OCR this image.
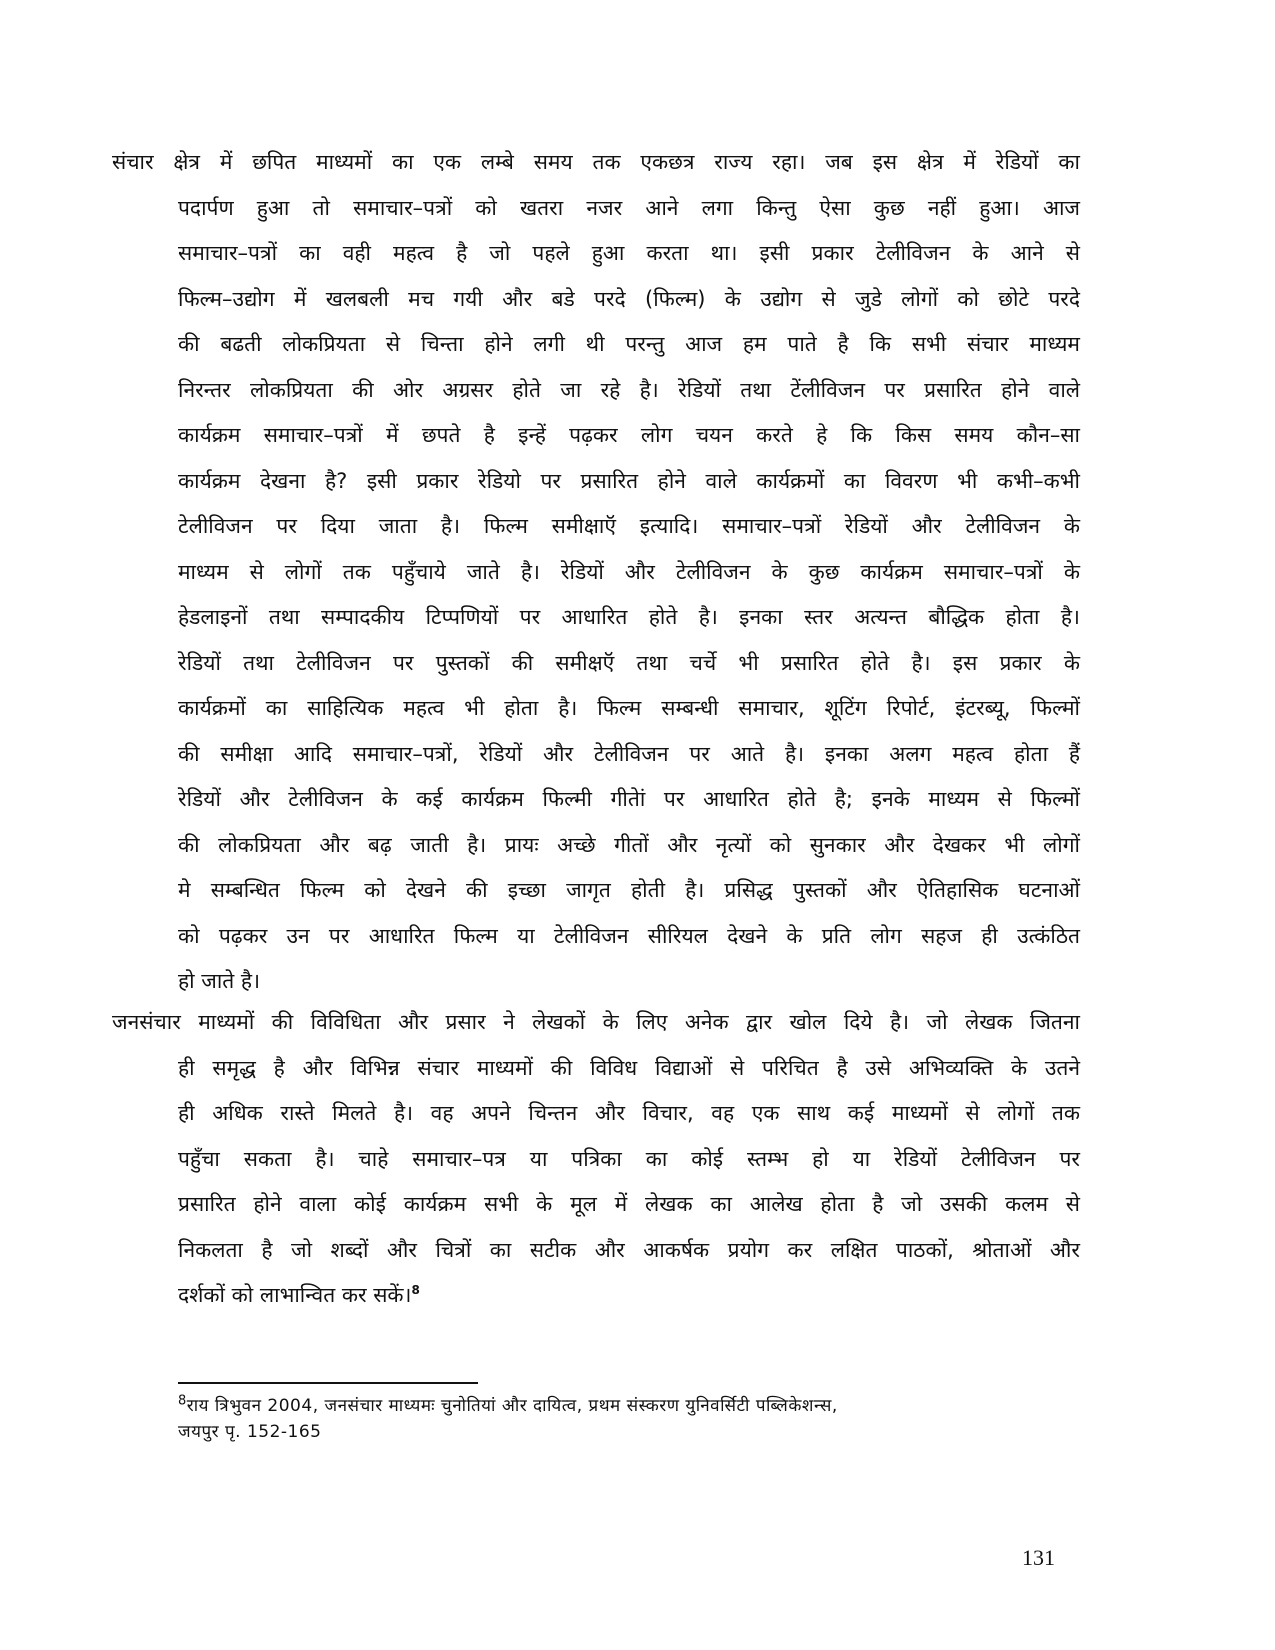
संचार क्षेत्र में छपित माध्यमों का एक लम्बे समय तक एकछत्र राज्य रहा। जब इस क्षेत्र में रेडियों का
पदार्पण हुआ तो समाचार–पत्रों को खतरा नजर आने लगा किन्तु ऐसा कुछ नहीं हुआ। आज
समाचार–पत्रों का वही महत्व है जो पहले हुआ करता था। इसी प्रकार टेलीविजन के आने से
फिल्म–उद्योग में खलबली मच गयी और बडे परदे (फिल्म) के उद्योग से जुडे लोगों को छोटे परदे
की बढती लोकप्रियता से चिन्ता होने लगी थी परन्तु आज हम पाते है कि सभी संचार माध्यम
निरन्तर लोकप्रियता की ओर अग्रसर होते जा रहे है। रेडियों तथा टेंलीविजन पर प्रसारित होने वाले
कार्यक्रम समाचार–पत्रों में छपते है इन्हें पढ़कर लोग चयन करते हे कि किस समय कौन–सा
कार्यक्रम देखना है? इसी प्रकार रेडियो पर प्रसारित होने वाले कार्यक्रमों का विवरण भी कभी–कभी
टेलीविजन पर दिया जाता है। फिल्म समीक्षाऍ इत्यादि। समाचार–पत्रों रेडियों और टेलीविजन के
माध्यम से लोगों तक पहुँचाये जाते है। रेडियों और टेलीविजन के कुछ कार्यक्रम समाचार–पत्रों के
हेडलाइनों तथा सम्पादकीय टिप्पणियों पर आधारित होते है। इनका स्तर अत्यन्त बौद्धिक होता है।
रेडियों तथा टेलीविजन पर पुस्तकों की समीक्षऍ तथा चर्चे भी प्रसारित होते है। इस प्रकार के
कार्यक्रमों का साहित्यिक महत्व भी होता है। फिल्म सम्बन्धी समाचार, शूटिंग रिपोर्ट, इंटरब्यू, फिल्मों
की समीक्षा आदि समाचार–पत्रों, रेडियों और टेलीविजन पर आते है। इनका अलग महत्व होता हैं
रेडियों और टेलीविजन के कई कार्यक्रम फिल्मी गीतेां पर आधारित होते है; इनके माध्यम से फिल्मों
की लोकप्रियता और बढ़ जाती है। प्रायः अच्छे गीतों और नृत्यों को सुनकार और देखकर भी लोगों
मे सम्बन्धित फिल्म को देखने की इच्छा जागृत होती है। प्रसिद्ध पुस्तकों और ऐतिहासिक घटनाओं
को पढ़कर उन पर आधारित फिल्म या टेलीविजन सीरियल देखने के प्रति लोग सहज ही उत्कंठित
हो जाते है।
जनसंचार माध्यमों की विविधिता और प्रसार ने लेखकों के लिए अनेक द्वार खोल दिये है। जो लेखक जितना
ही समृद्ध है और विभिन्न संचार माध्यमों की विविध विद्याओं से परिचित है उसे अभिव्यक्ति के उतने
ही अधिक रास्ते मिलते है। वह अपने चिन्तन और विचार, वह एक साथ कई माध्यमों से लोगों तक
पहुँचा सकता है। चाहे समाचार–पत्र या पत्रिका का कोई स्तम्भ हो या रेडियों टेलीविजन पर
प्रसारित होने वाला कोई कार्यक्रम सभी के मूल में लेखक का आलेख होता है जो उसकी कलम से
निकलता है जो शब्दों और चित्रों का सटीक और आकर्षक प्रयोग कर लक्षित पाठकों, श्रोताओं और
दर्शकों को लाभान्वित कर सकें।$^8$
$^8$राय त्रिभुवन 2004, जनसंचार माध्यमः चुनोतियां और दायित्व, प्रथम संस्करण युनिवर्सिटी पब्लिकेशन्स,
जयपुर पृ. 152-165
131
